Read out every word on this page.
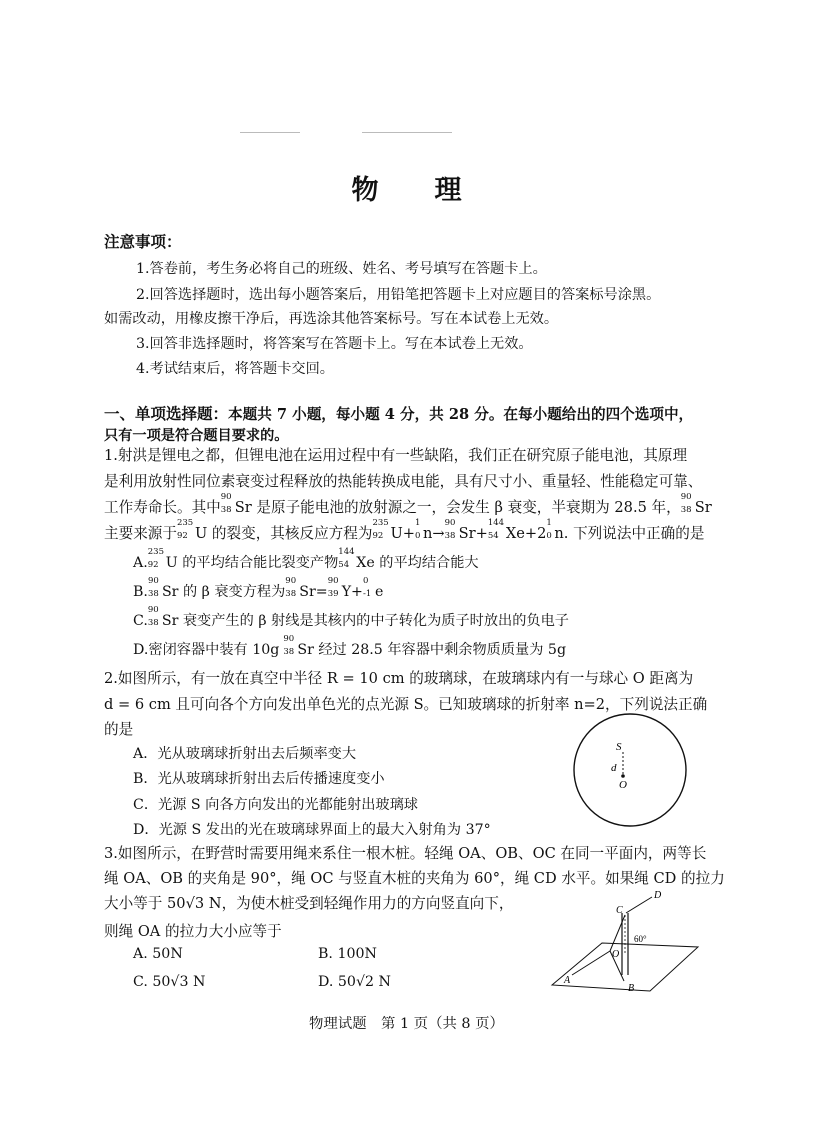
物 理
注意事项：
1.答卷前，考生务必将自己的班级、姓名、考号填写在答题卡上。
2.回答选择题时，选出每小题答案后，用铅笔把答题卡上对应题目的答案标号涂黑。
如需改动，用橡皮擦干净后，再选涂其他答案标号。写在本试卷上无效。
3.回答非选择题时，将答案写在答题卡上。写在本试卷上无效。
4.考试结束后，将答题卡交回。
一、单项选择题：本题共 7 小题，每小题 4 分，共 28 分。在每小题给出的四个选项中，
只有一项是符合题目要求的。
1.射洪是锂电之都，但锂电池在运用过程中有一些缺陷，我们正在研究原子能电池，其原理
是利用放射性同位素衰变过程释放的热能转换成电能，具有尺寸小、重量轻、性能稳定可靠、
工作寿命长。其中
90
38 Sr 是原子能电池的放射源之一，会发生 β 衰变，半衰期为 28.5 年，
90
38 Sr
主要来源于
235
92 U 的裂变，其核反应方程为
235
92 U+
1
0 n→
90
38 Sr+
144
54 Xe+2
1
0 n. 下列说法中正确的是
A.
235
92 U 的平均结合能比裂变产物
144
54 Xe 的平均结合能大
B.
90
38 Sr 的 β 衰变方程为
90
38 Sr=
90
39 Y+
0
-1 e
C.
90
38 Sr 衰变产生的 β 射线是其核内的中子转化为质子时放出的负电子
D.密闭容器中装有 10g
90
38 Sr 经过 28.5 年容器中剩余物质质量为 5g
2.如图所示，有一放在真空中半径 R = 10 cm 的玻璃球，在玻璃球内有一与球心 O 距离为
d = 6 cm 且可向各个方向发出单色光的点光源 S。已知玻璃球的折射率 n=2，下列说法正确
的是
A．光从玻璃球折射出去后频率变大
B．光从玻璃球折射出去后传播速度变小
C．光源 S 向各方向发出的光都能射出玻璃球
D．光源 S 发出的光在玻璃球界面上的最大入射角为 37°
S
d
O
3.如图所示，在野营时需要用绳来系住一根木桩。轻绳 OA、OB、OC 在同一平面内，两等长
绳 OA、OB 的夹角是 90°，绳 OC 与竖直木桩的夹角为 60°，绳 CD 水平。如果绳 CD 的拉力
大小等于 50√3 N，为使木桩受到轻绳作用力的方向竖直向下，
则绳 OA 的拉力大小应等于
A. 50N	B. 100N
C. 50√3 N	D. 50√2 N
D
C
60°
O
A
B
物理试题　第 1 页（共 8 页）
